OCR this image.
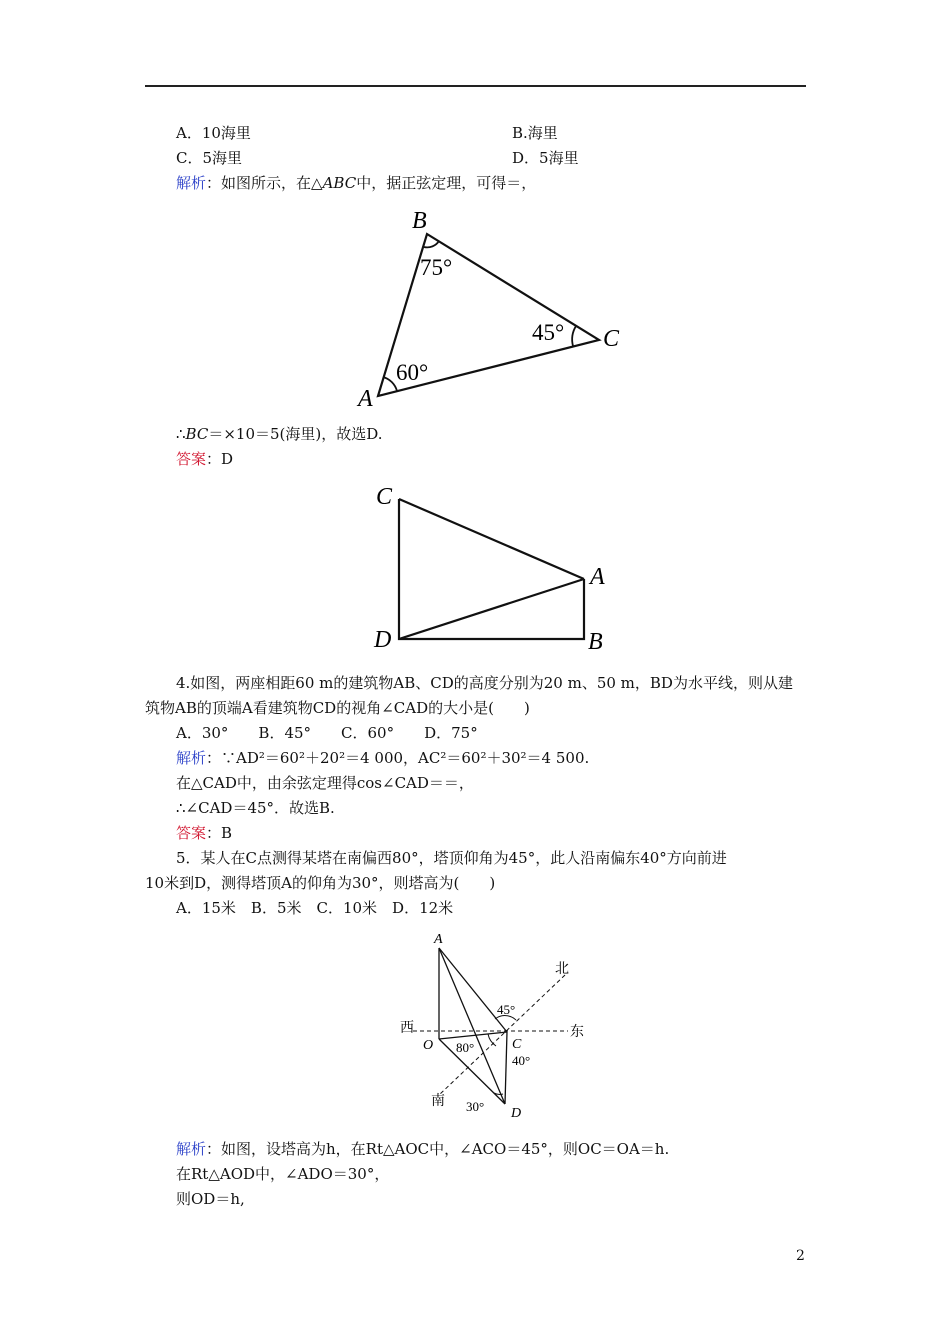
A．10海里	B.海里
C．5海里	D．5海里
解析：如图所示，在△ABC中，据正弦定理，可得＝，
B
C
A
75°
45°
60°
∴BC＝×10＝5(海里)，故选D.
答案：D
C
A
D	B
4.如图，两座相距60 m的建筑物AB、CD的高度分别为20 m、50 m，BD为水平线，则从建
筑物AB的顶端A看建筑物CD的视角∠CAD的大小是(　　)
A．30°　　B．45°　　C．60°　　D．75°
解析：∵AD²＝60²＋20²＝4 000，AC²＝60²＋30²＝4 500.
在△CAD中，由余弦定理得cos∠CAD＝＝，
∴∠CAD＝45°．故选B.
答案：B
5．某人在C点测得某塔在南偏西80°，塔顶仰角为45°，此人沿南偏东40°方向前进
10米到D，测得塔顶A的仰角为30°，则塔高为(　　)
A．15米　B．5米　C．10米　D．12米
A
O	C
D
北
东
西
南
45°
80°
40°
30°
解析：如图，设塔高为h，在Rt△AOC中，∠ACO＝45°，则OC＝OA＝h.
在Rt△AOD中，∠ADO＝30°，
则OD＝h,
2
